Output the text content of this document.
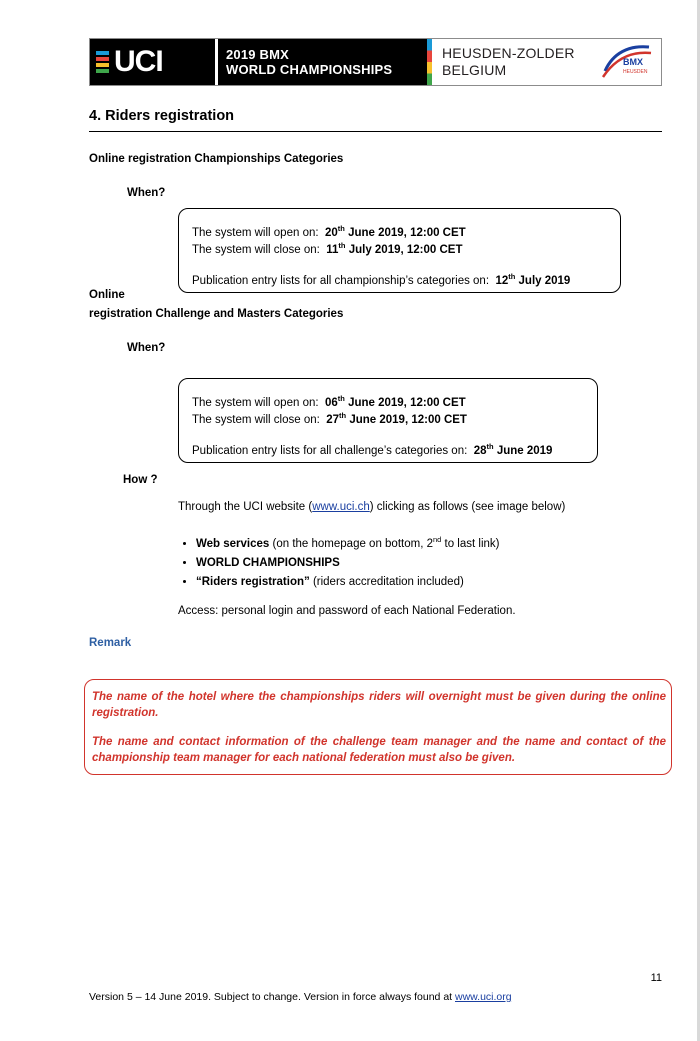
UCI	2019 BMX
WORLD CHAMPIONSHIPS
HEUSDEN-ZOLDER
BELGIUM	BMX
HEUSDEN
4. Riders registration
Online registration Championships Categories
When?
The system will open on: 20th June 2019, 12:00 CET
The system will close on: 11th July 2019, 12:00 CET
Publication entry lists for all championship’s categories on: 12th July 2019
Online
registration Challenge and Masters Categories
When?
The system will open on: 06th June 2019, 12:00 CET
The system will close on: 27th June 2019, 12:00 CET
Publication entry lists for all challenge’s categories on: 28th June 2019
How ?
Through the UCI website (www.uci.ch) clicking as follows (see image below)
• Web services (on the homepage on bottom, 2nd to last link)
• WORLD CHAMPIONSHIPS
• “Riders registration” (riders accreditation included)
Access: personal login and password of each National Federation.
Remark

The name of the hotel where the championships riders will overnight must be given during the online registration.

The name and contact information of the challenge team manager and the name and contact of the championship team manager for each national federation must also be given.

11
Version 5 – 14 June 2019. Subject to change. Version in force always found at www.uci.org
